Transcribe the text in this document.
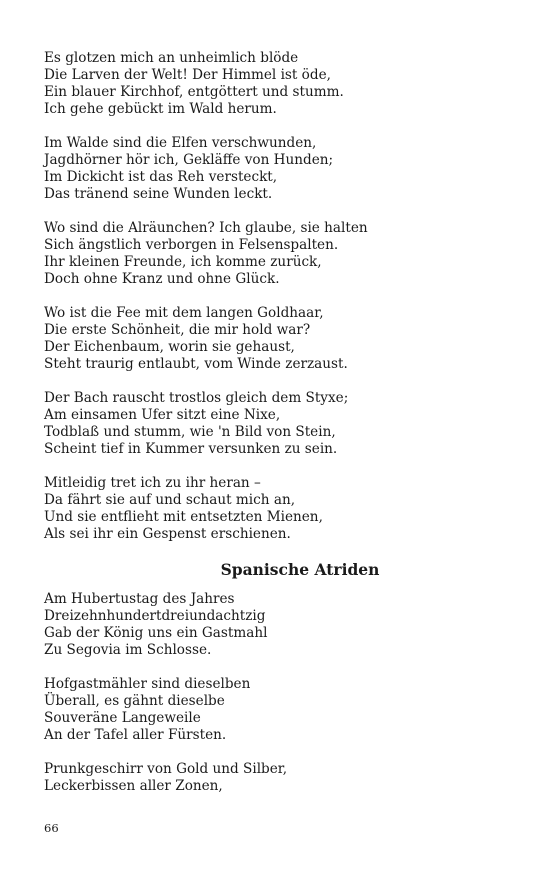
Es glotzen mich an unheimlich blöde
Die Larven der Welt! Der Himmel ist öde,
Ein blauer Kirchhof, entgöttert und stumm.
Ich gehe gebückt im Wald herum.
Im Walde sind die Elfen verschwunden,
Jagdhörner hör ich, Gekläffe von Hunden;
Im Dickicht ist das Reh versteckt,
Das tränend seine Wunden leckt.
Wo sind die Alräunchen? Ich glaube, sie halten
Sich ängstlich verborgen in Felsenspalten.
Ihr kleinen Freunde, ich komme zurück,
Doch ohne Kranz und ohne Glück.
Wo ist die Fee mit dem langen Goldhaar,
Die erste Schönheit, die mir hold war?
Der Eichenbaum, worin sie gehaust,
Steht traurig entlaubt, vom Winde zerzaust.
Der Bach rauscht trostlos gleich dem Styxe;
Am einsamen Ufer sitzt eine Nixe,
Todblaß und stumm, wie 'n Bild von Stein,
Scheint tief in Kummer versunken zu sein.
Mitleidig tret ich zu ihr heran –
Da fährt sie auf und schaut mich an,
Und sie entflieht mit entsetzten Mienen,
Als sei ihr ein Gespenst erschienen.
Spanische Atriden
Am Hubertustag des Jahres
Dreizehnhundertdreiundachtzig
Gab der König uns ein Gastmahl
Zu Segovia im Schlosse.
Hofgastmähler sind dieselben
Überall, es gähnt dieselbe
Souveräne Langeweile
An der Tafel aller Fürsten.
Prunkgeschirr von Gold und Silber,
Leckerbissen aller Zonen,
66
